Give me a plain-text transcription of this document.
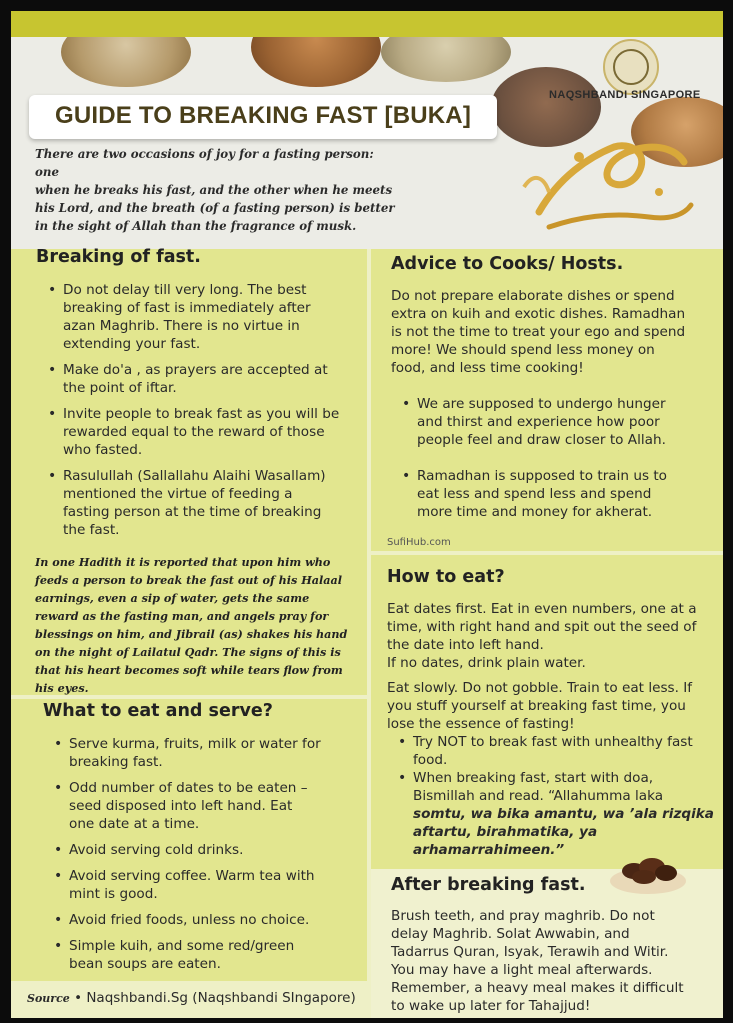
NAQSHBANDI SINGAPORE
GUIDE TO BREAKING FAST [BUKA]
There are two occasions of joy for a fasting person: one
when he breaks his fast, and the other when he meets
his Lord, and the breath (of a fasting person) is better
in the sight of Allah than the fragrance of musk.
Breaking of fast.
• Do not delay till very long. The best
breaking of fast is immediately after
azan Maghrib. There is no virtue in
extending your fast.
• Make do'a , as prayers are accepted at
the point of iftar.
• Invite people to break fast as you will be
rewarded equal to the reward of those
who fasted.
• Rasulullah (Sallallahu Alaihi Wasallam)
mentioned the virtue of feeding a
fasting person at the time of breaking
the fast.
In one Hadith it is reported that upon him who
feeds a person to break the fast out of his Halaal
earnings, even a sip of water, gets the same
reward as the fasting man, and angels pray for
blessings on him, and Jibrail (as) shakes his hand
on the night of Lailatul Qadr. The signs of this is
that his heart becomes soft while tears flow from
his eyes.
What to eat and serve?
• Serve kurma, fruits, milk or water for
breaking fast.
• Odd number of dates to be eaten –
seed disposed into left hand. Eat
one date at a time.
• Avoid serving cold drinks.
• Avoid serving coffee. Warm tea with
mint is good.
• Avoid fried foods, unless no choice.
• Simple kuih, and some red/green
bean soups are eaten.
Source • Naqshbandi.Sg (Naqshbandi SIngapore)
Advice to Cooks/ Hosts.
Do not prepare elaborate dishes or spend
extra on kuih and exotic dishes. Ramadhan
is not the time to treat your ego and spend
more! We should spend less money on
food, and less time cooking!
• We are supposed to undergo hunger
and thirst and experience how poor
people feel and draw closer to Allah.
• Ramadhan is supposed to train us to
eat less and spend less and spend
more time and money for akherat.
SufiHub.com
How to eat?
Eat dates first. Eat in even numbers, one at a
time, with right hand and spit out the seed of
the date into left hand.
If no dates, drink plain water.
Eat slowly. Do not gobble. Train to eat less. If
you stuff yourself at breaking fast time, you
lose the essence of fasting!
• Try NOT to break fast with unhealthy fast
food.
• When breaking fast, start with doa,
Bismillah and read. “Allahumma laka
somtu, wa bika amantu, wa ’ala rizqika
aftartu, birahmatika, ya
arhamarrahimeen.”
After breaking fast.
Brush teeth, and pray maghrib. Do not
delay Maghrib. Solat Awwabin, and
Tadarrus Quran, Isyak, Terawih and Witir.
You may have a light meal afterwards.
Remember, a heavy meal makes it difficult
to wake up later for Tahajjud!
